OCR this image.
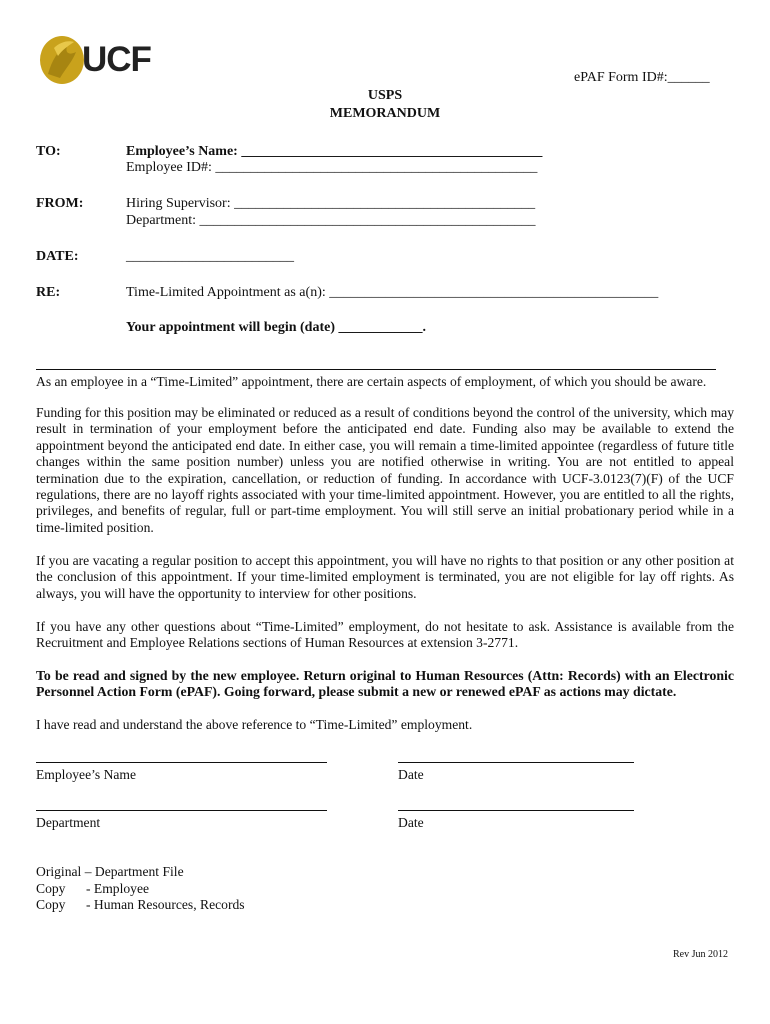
UCF	ePAF Form ID#:______
USPS
MEMORANDUM
TO:	Employee’s Name: ___________________________________________
Employee ID#: ______________________________________________
FROM:	Hiring Supervisor: ___________________________________________
Department: ________________________________________________
DATE:	________________________
RE:	Time-Limited Appointment as a(n): _______________________________________________
Your appointment will begin (date) ____________.
As an employee in a “Time-Limited” appointment, there are certain aspects of employment, of which you should be aware.
Funding for this position may be eliminated or reduced as a result of conditions beyond the control of the university, which may result in termination of your employment before the anticipated end date. Funding also may be available to extend the appointment beyond the anticipated end date. In either case, you will remain a time-limited appointee (regardless of future title changes within the same position number) unless you are notified otherwise in writing. You are not entitled to appeal termination due to the expiration, cancellation, or reduction of funding. In accordance with UCF-3.0123(7)(F) of the UCF regulations, there are no layoff rights associated with your time-limited appointment. However, you are entitled to all the rights, privileges, and benefits of regular, full or part-time employment. You will still serve an initial probationary period while in a time-limited position.
If you are vacating a regular position to accept this appointment, you will have no rights to that position or any other position at the conclusion of this appointment. If your time-limited employment is terminated, you are not eligible for lay off rights. As always, you will have the opportunity to interview for other positions.
If you have any other questions about “Time-Limited” employment, do not hesitate to ask. Assistance is available from the Recruitment and Employee Relations sections of Human Resources at extension 3-2771.
To be read and signed by the new employee. Return original to Human Resources (Attn: Records) with an Electronic Personnel Action Form (ePAF). Going forward, please submit a new or renewed ePAF as actions may dictate.
I have read and understand the above reference to “Time-Limited” employment.
Employee’s Name	Date
Department	Date
Original – Department File
Copy - Employee
Copy - Human Resources, Records
Rev Jun 2012
